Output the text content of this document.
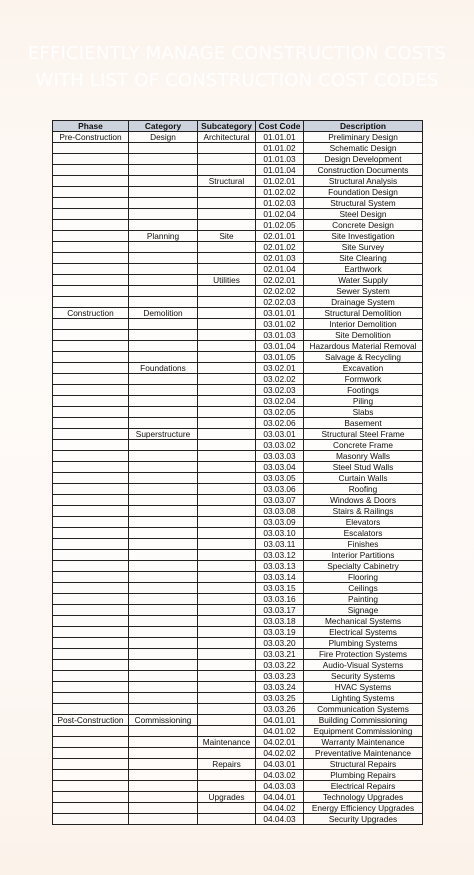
EFFICIENTLY MANAGE CONSTRUCTION COSTS
WITH LIST OF CONSTRUCTION COST CODES
Phase	Category	Subcategory	Cost Code	Description
Pre-Construction	Design	Architectural	01.01.01	Preliminary Design
			01.01.02	Schematic Design
			01.01.03	Design Development
			01.01.04	Construction Documents
		Structural	01.02.01	Structural Analysis
			01.02.02	Foundation Design
			01.02.03	Structural System
			01.02.04	Steel Design
			01.02.05	Concrete Design
	Planning	Site	02.01.01	Site Investigation
			02.01.02	Site Survey
			02.01.03	Site Clearing
			02.01.04	Earthwork
		Utilities	02.02.01	Water Supply
			02.02.02	Sewer System
			02.02.03	Drainage System
Construction	Demolition		03.01.01	Structural Demolition
			03.01.02	Interior Demolition
			03.01.03	Site Demolition
			03.01.04	Hazardous Material Removal
			03.01.05	Salvage & Recycling
	Foundations		03.02.01	Excavation
			03.02.02	Formwork
			03.02.03	Footings
			03.02.04	Piling
			03.02.05	Slabs
			03.02.06	Basement
	Superstructure		03.03.01	Structural Steel Frame
			03.03.02	Concrete Frame
			03.03.03	Masonry Walls
			03.03.04	Steel Stud Walls
			03.03.05	Curtain Walls
			03.03.06	Roofing
			03.03.07	Windows & Doors
			03.03.08	Stairs & Railings
			03.03.09	Elevators
			03.03.10	Escalators
			03.03.11	Finishes
			03.03.12	Interior Partitions
			03.03.13	Specialty Cabinetry
			03.03.14	Flooring
			03.03.15	Ceilings
			03.03.16	Painting
			03.03.17	Signage
			03.03.18	Mechanical Systems
			03.03.19	Electrical Systems
			03.03.20	Plumbing Systems
			03.03.21	Fire Protection Systems
			03.03.22	Audio-Visual Systems
			03.03.23	Security Systems
			03.03.24	HVAC Systems
			03.03.25	Lighting Systems
			03.03.26	Communication Systems
Post-Construction	Commissioning		04.01.01	Building Commissioning
			04.01.02	Equipment Commissioning
		Maintenance	04.02.01	Warranty Maintenance
			04.02.02	Preventative Maintenance
		Repairs	04.03.01	Structural Repairs
			04.03.02	Plumbing Repairs
			04.03.03	Electrical Repairs
		Upgrades	04.04.01	Technology Upgrades
			04.04.02	Energy Efficiency Upgrades
			04.04.03	Security Upgrades
